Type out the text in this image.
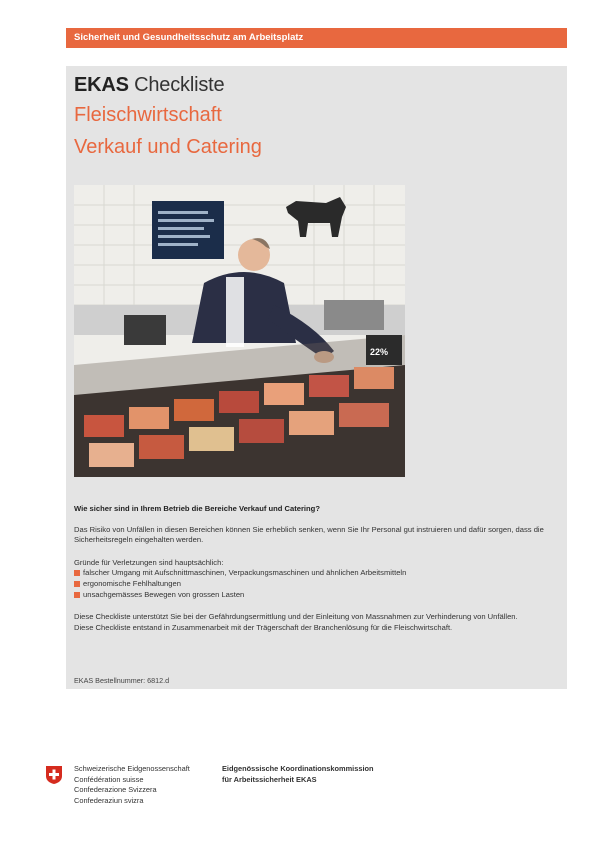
Sicherheit und Gesundheitsschutz am Arbeitsplatz
EKAS Checkliste
Fleischwirtschaft
Verkauf und Catering
22%

Wie sicher sind in Ihrem Betrieb die Bereiche Verkauf und Catering?

Das Risiko von Unfällen in diesen Bereichen können Sie erheblich senken, wenn Sie Ihr Personal gut instruieren und dafür sorgen, dass die Sicherheitsregeln eingehalten werden.

Gründe für Verletzungen sind hauptsächlich:

falscher Umgang mit Aufschnittmaschinen, Verpackungsmaschinen und ähnlichen Arbeitsmitteln
ergonomische Fehlhaltungen
unsachgemässes Bewegen von grossen Lasten

Diese Checkliste unterstützt Sie bei der Gefährdungsermittlung und der Einleitung von Massnahmen zur Verhinderung von Unfällen.

Diese Checkliste entstand in Zusammenarbeit mit der Trägerschaft der Branchenlösung für die Fleischwirtschaft.

EKAS Bestellnummer: 6812.d
Schweizerische Eidgenossenschaft
Confédération suisse
Confederazione Svizzera
Confederaziun svizra
Eidgenössische Koordinationskommission
für Arbeitssicherheit EKAS
